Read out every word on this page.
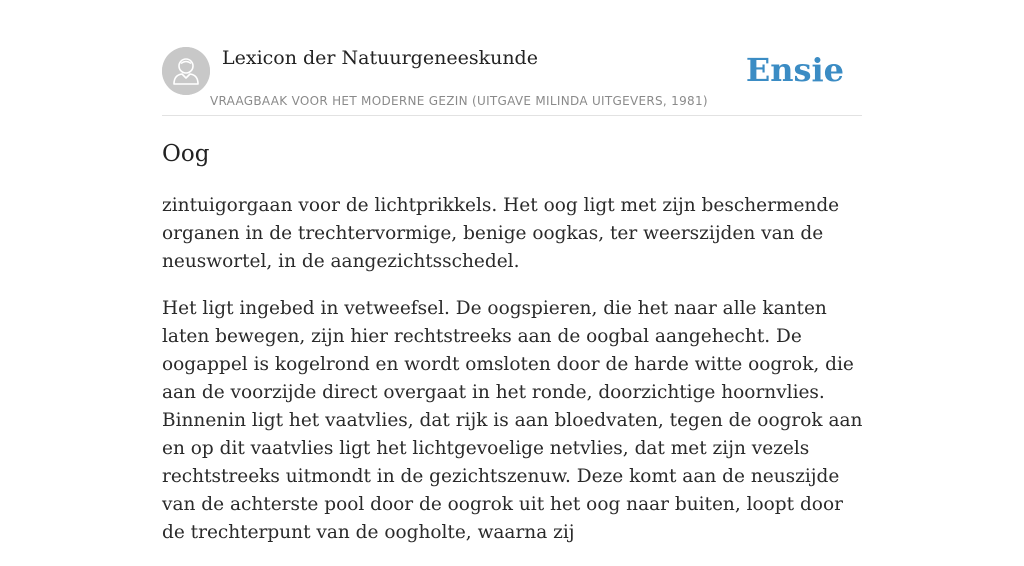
Lexicon der Natuurgeneeskunde
VRAAGBAAK VOOR HET MODERNE GEZIN (UITGAVE MILINDA UITGEVERS, 1981)
Ensie
Oog

zintuigorgaan voor de lichtprikkels. Het oog ligt met zijn beschermende organen in de trechtervormige, benige oogkas, ter weerszijden van de neuswortel, in de aangezichtsschedel.

Het ligt ingebed in vetweefsel. De oogspieren, die het naar alle kanten laten bewegen, zijn hier rechtstreeks aan de oogbal aangehecht. De oogappel is kogelrond en wordt omsloten door de harde witte oogrok, die aan de voorzijde direct overgaat in het ronde, doorzichtige hoornvlies. Binnenin ligt het vaatvlies, dat rijk is aan bloedvaten, tegen de oogrok aan en op dit vaatvlies ligt het lichtgevoelige netvlies, dat met zijn vezels rechtstreeks uitmondt in de gezichtszenuw. Deze komt aan de neuszijde van de achterste pool door de oogrok uit het oog naar buiten, loopt door de trechterpunt van de oogholte, waarna zij
